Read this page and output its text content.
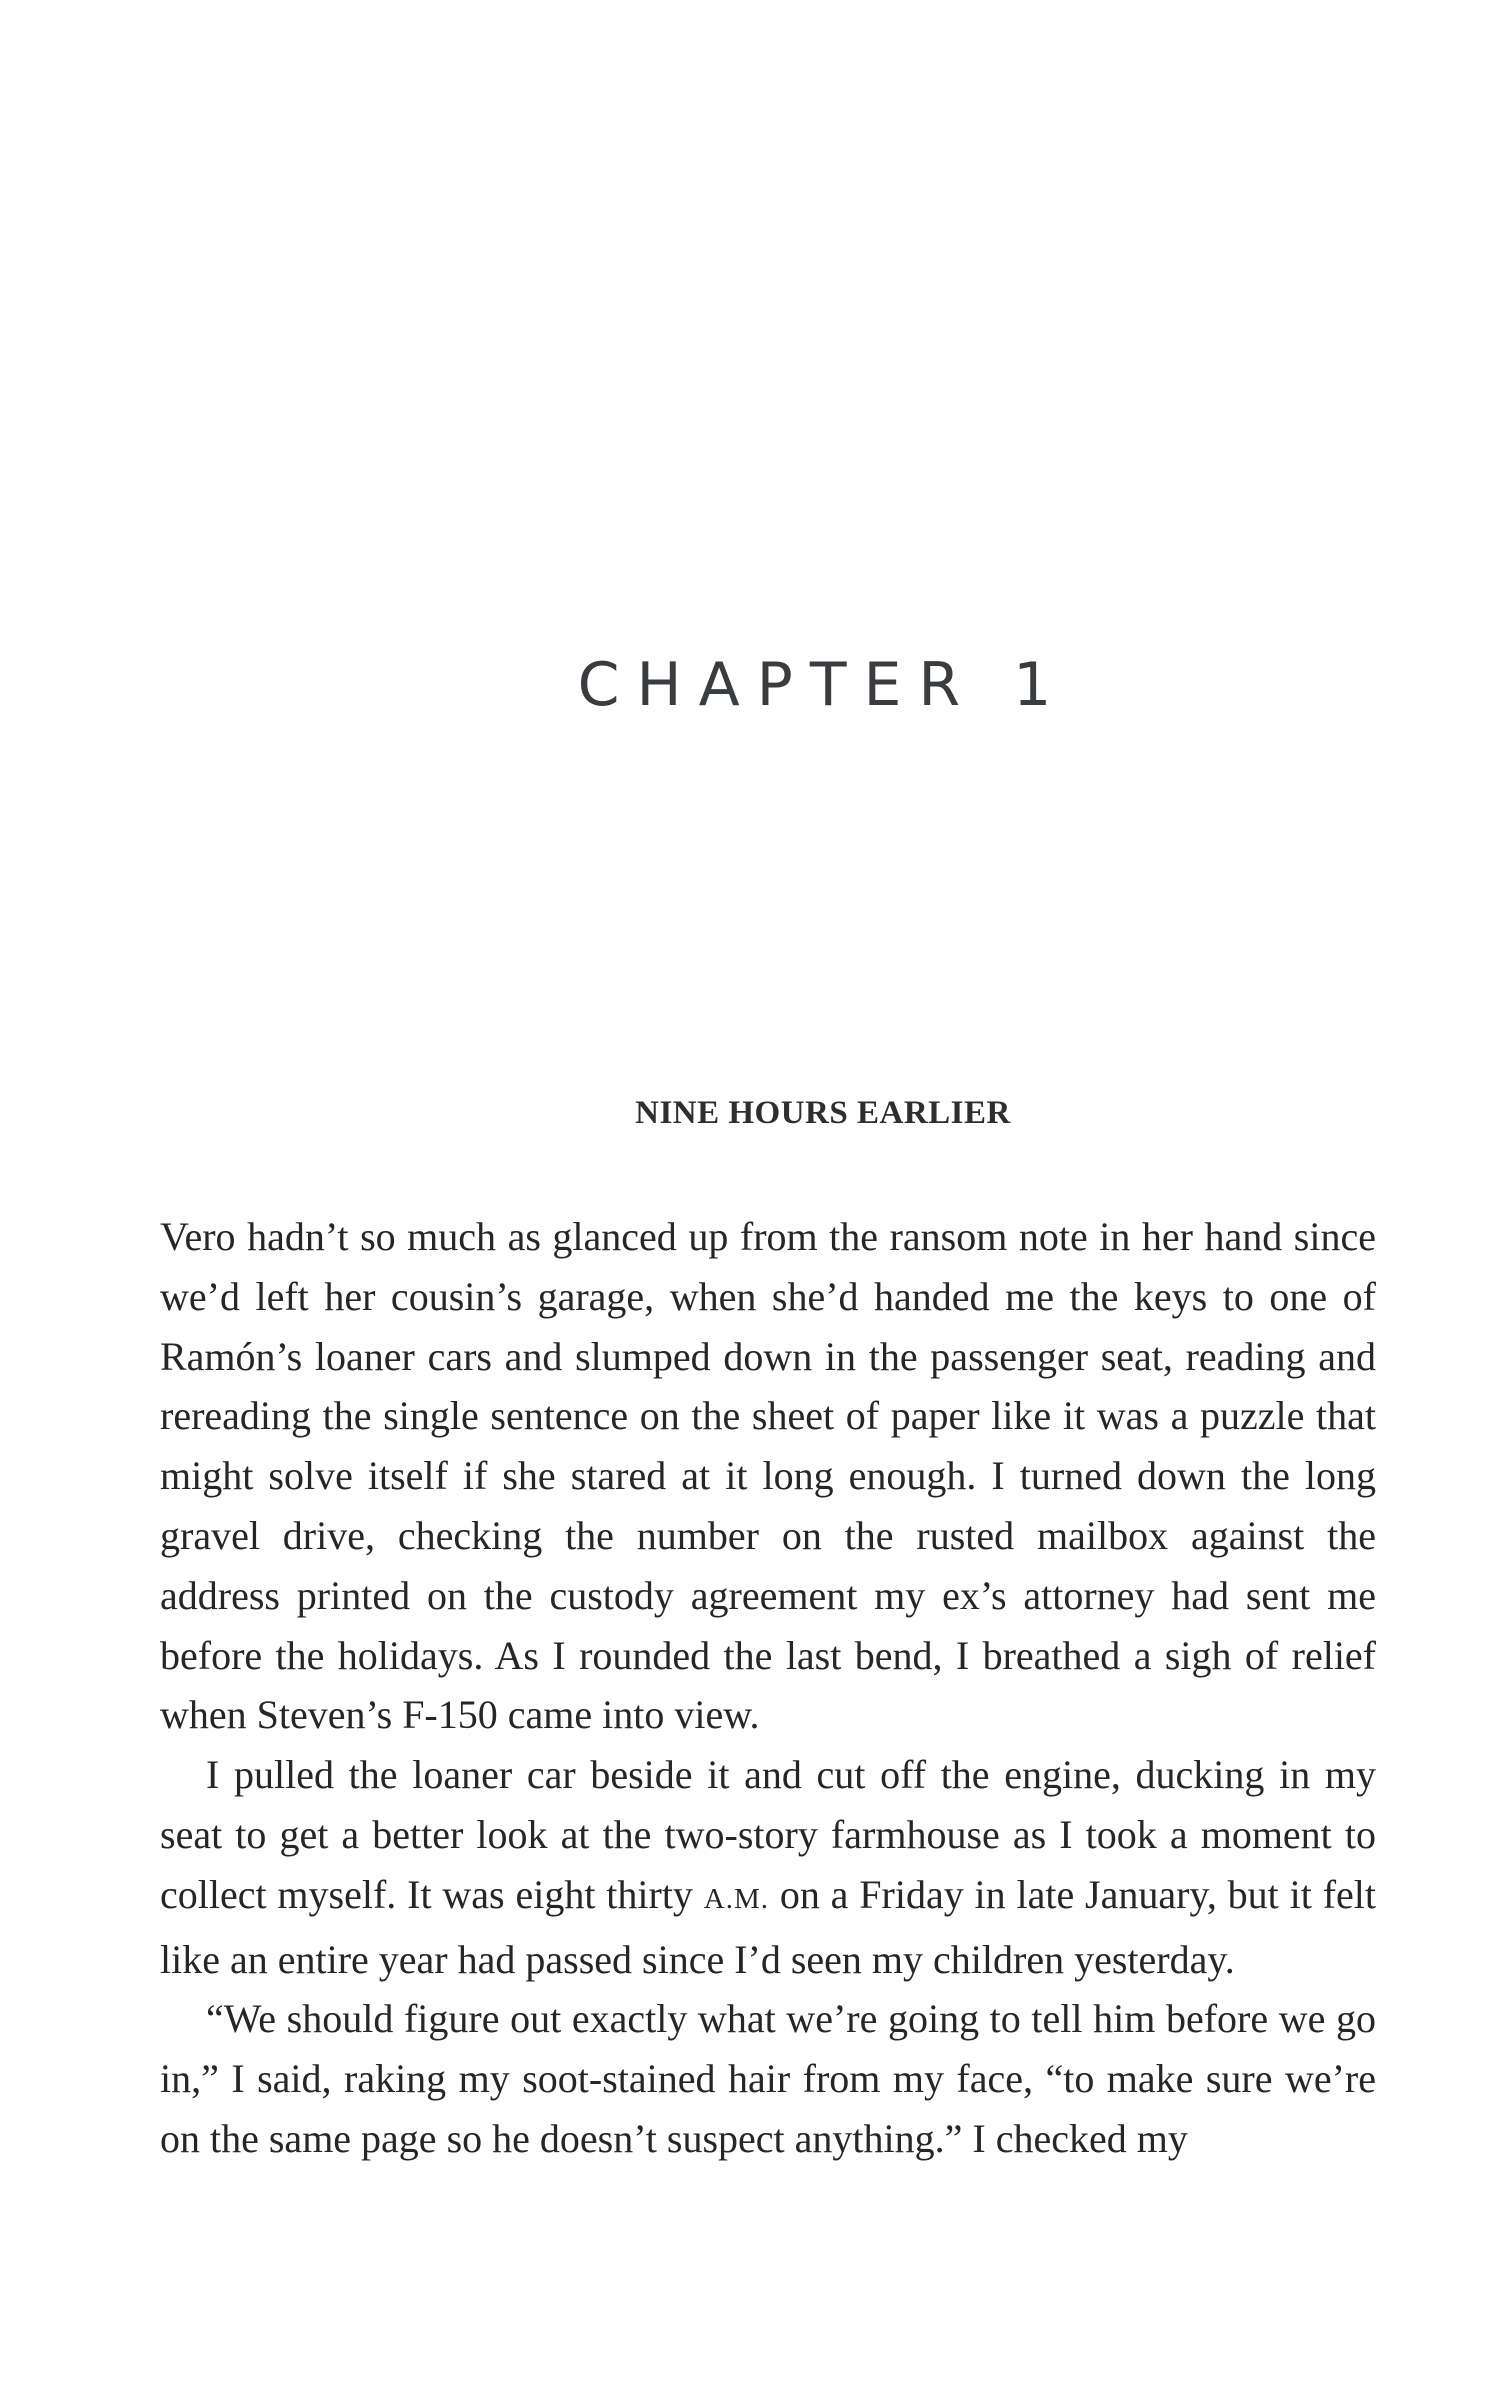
CHAPTER 1
NINE HOURS EARLIER

Vero hadn’t so much as glanced up from the ransom note in her hand since we’d left her cousin’s garage, when she’d handed me the keys to one of Ramón’s loaner cars and slumped down in the passenger seat, reading and rereading the single sentence on the sheet of paper like it was a puzzle that might solve itself if she stared at it long enough. I turned down the long gravel drive, checking the number on the rusted mailbox against the address printed on the custody agreement my ex’s attorney had sent me before the holidays. As I rounded the last bend, I breathed a sigh of relief when Steven’s F-150 came into view.

I pulled the loaner car beside it and cut off the engine, ducking in my seat to get a better look at the two-story farmhouse as I took a moment to collect myself. It was eight thirty A.M. on a Friday in late January, but it felt like an entire year had passed since I’d seen my children yesterday.

“We should figure out exactly what we’re going to tell him before we go in,” I said, raking my soot-stained hair from my face, “to make sure we’re on the same page so he doesn’t suspect anything.” I checked my
